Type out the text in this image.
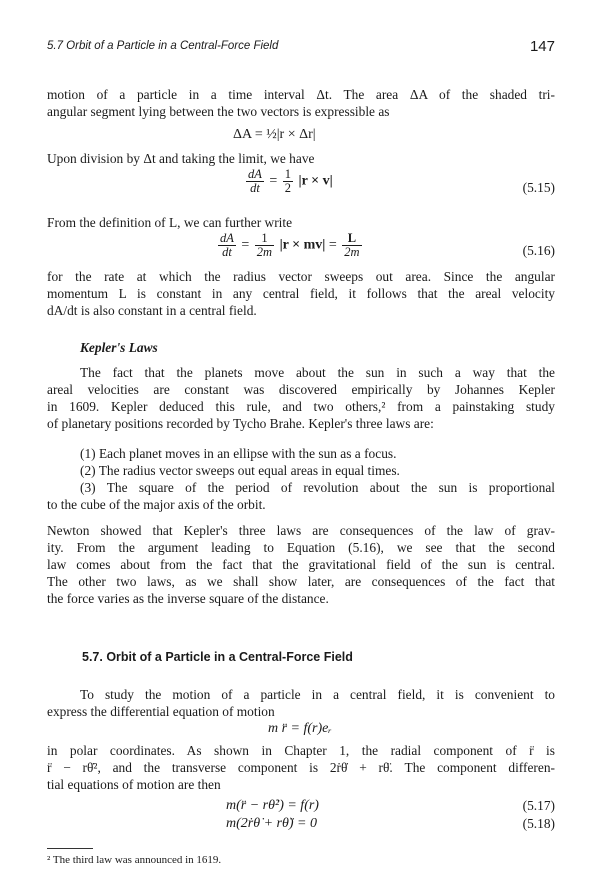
5.7 Orbit of a Particle in a Central-Force Field	147
motion of a particle in a time interval Δt. The area ΔA of the shaded tri-
angular segment lying between the two vectors is expressible as
ΔA = ½|r × Δr|
Upon division by Δt and taking the limit, we have
$\frac{dA}{dt} = \frac{1}{2} |r \times v|$	(5.15)
From the definition of L, we can further write
$\frac{dA}{dt} = \frac{1}{2m} |r \times mv| = \frac{L}{2m}$	(5.16)
for the rate at which the radius vector sweeps out area. Since the angular
momentum L is constant in any central field, it follows that the areal velocity
dA/dt is also constant in a central field.
Kepler's Laws
The fact that the planets move about the sun in such a way that the
areal velocities are constant was discovered empirically by Johannes Kepler
in 1609. Kepler deduced this rule, and two others,² from a painstaking study
of planetary positions recorded by Tycho Brahe. Kepler's three laws are:
(1) Each planet moves in an ellipse with the sun as a focus.
(2) The radius vector sweeps out equal areas in equal times.
(3) The square of the period of revolution about the sun is proportional
to the cube of the major axis of the orbit.
Newton showed that Kepler's three laws are consequences of the law of grav-
ity. From the argument leading to Equation (5.16), we see that the second
law comes about from the fact that the gravitational field of the sun is central.
The other two laws, as we shall show later, are consequences of the fact that
the force varies as the inverse square of the distance.
5.7. Orbit of a Particle in a Central-Force Field
To study the motion of a particle in a central field, it is convenient to
express the differential equation of motion
m r̈ = f(r)eᵣ
in polar coordinates. As shown in Chapter 1, the radial component of r̈ is
r̈ − rθ̇², and the transverse component is 2ṙθ̇ + rθ̈. The component differen-
tial equations of motion are then
m(r̈ − rθ̇²) = f(r)	(5.17)
m(2ṙθ̇ + rθ̈) = 0	(5.18)
² The third law was announced in 1619.
